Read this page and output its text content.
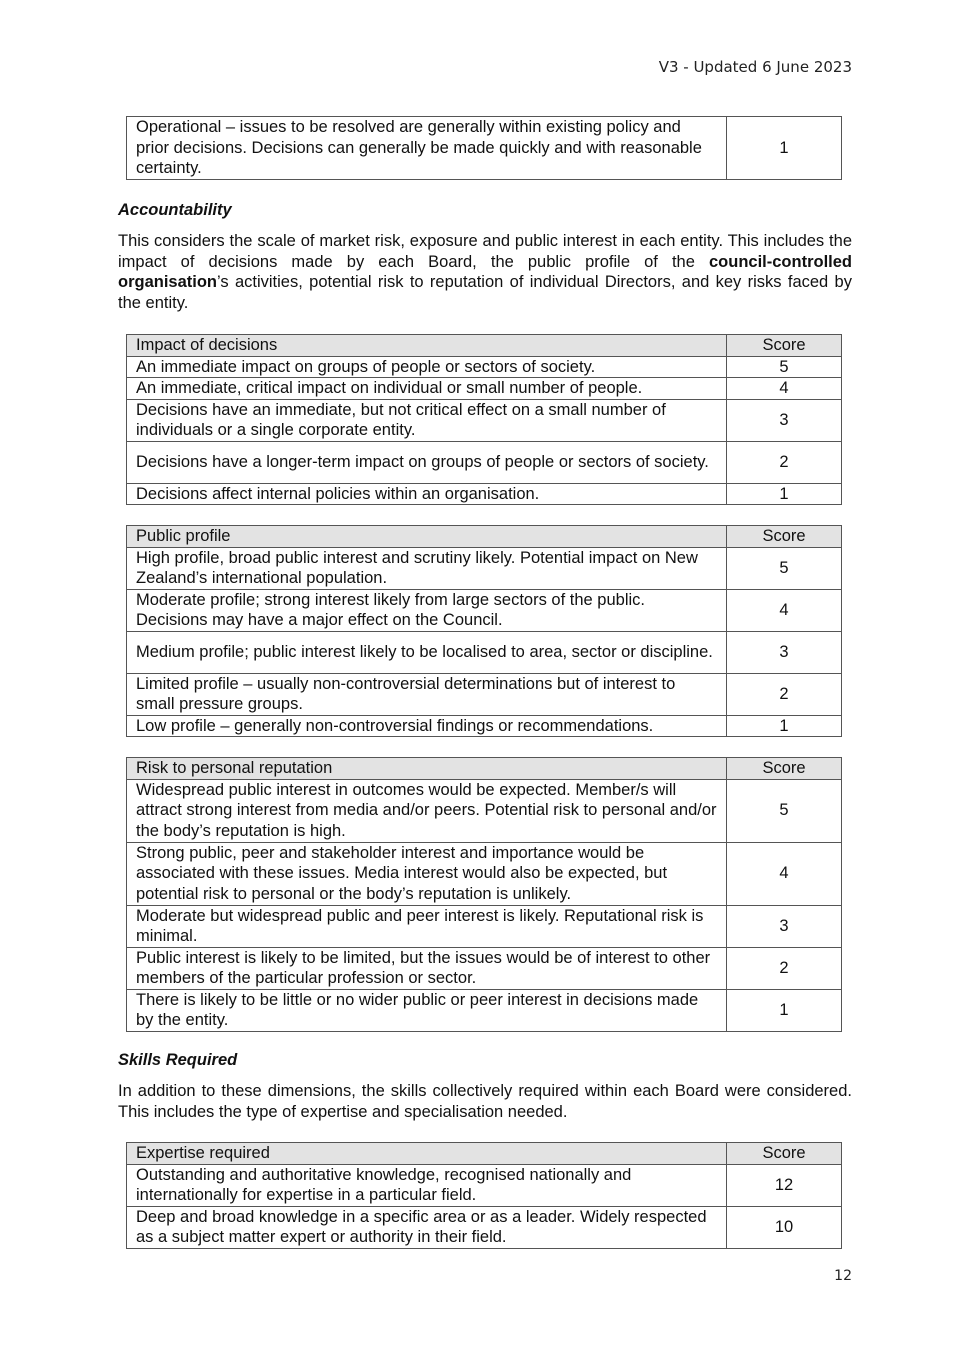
V3 - Updated 6 June 2023
Operational – issues to be resolved are generally within existing policy and prior decisions. Decisions can generally be made quickly and with reasonable certainty.	1
Accountability
This considers the scale of market risk, exposure and public interest in each entity. This includes the impact of decisions made by each Board, the public profile of the council-controlled organisation’s activities, potential risk to reputation of individual Directors, and key risks faced by the entity.
Impact of decisions	Score
An immediate impact on groups of people or sectors of society.	5
An immediate, critical impact on individual or small number of people.	4
Decisions have an immediate, but not critical effect on a small number of individuals or a single corporate entity.	3
Decisions have a longer-term impact on groups of people or sectors of society.	2
Decisions affect internal policies within an organisation.	1
Public profile	Score
High profile, broad public interest and scrutiny likely. Potential impact on New Zealand’s international population.	5
Moderate profile; strong interest likely from large sectors of the public. Decisions may have a major effect on the Council.	4
Medium profile; public interest likely to be localised to area, sector or discipline.	3
Limited profile – usually non-controversial determinations but of interest to small pressure groups.	2
Low profile – generally non-controversial findings or recommendations.	1
Risk to personal reputation	Score
Widespread public interest in outcomes would be expected. Member/s will attract strong interest from media and/or peers. Potential risk to personal and/or the body’s reputation is high.	5
Strong public, peer and stakeholder interest and importance would be associated with these issues. Media interest would also be expected, but potential risk to personal or the body’s reputation is unlikely.	4
Moderate but widespread public and peer interest is likely. Reputational risk is minimal.	3
Public interest is likely to be limited, but the issues would be of interest to other members of the particular profession or sector.	2
There is likely to be little or no wider public or peer interest in decisions made by the entity.	1
Skills Required
In addition to these dimensions, the skills collectively required within each Board were considered. This includes the type of expertise and specialisation needed.
Expertise required	Score
Outstanding and authoritative knowledge, recognised nationally and internationally for expertise in a particular field.	12
Deep and broad knowledge in a specific area or as a leader. Widely respected as a subject matter expert or authority in their field.	10
12
